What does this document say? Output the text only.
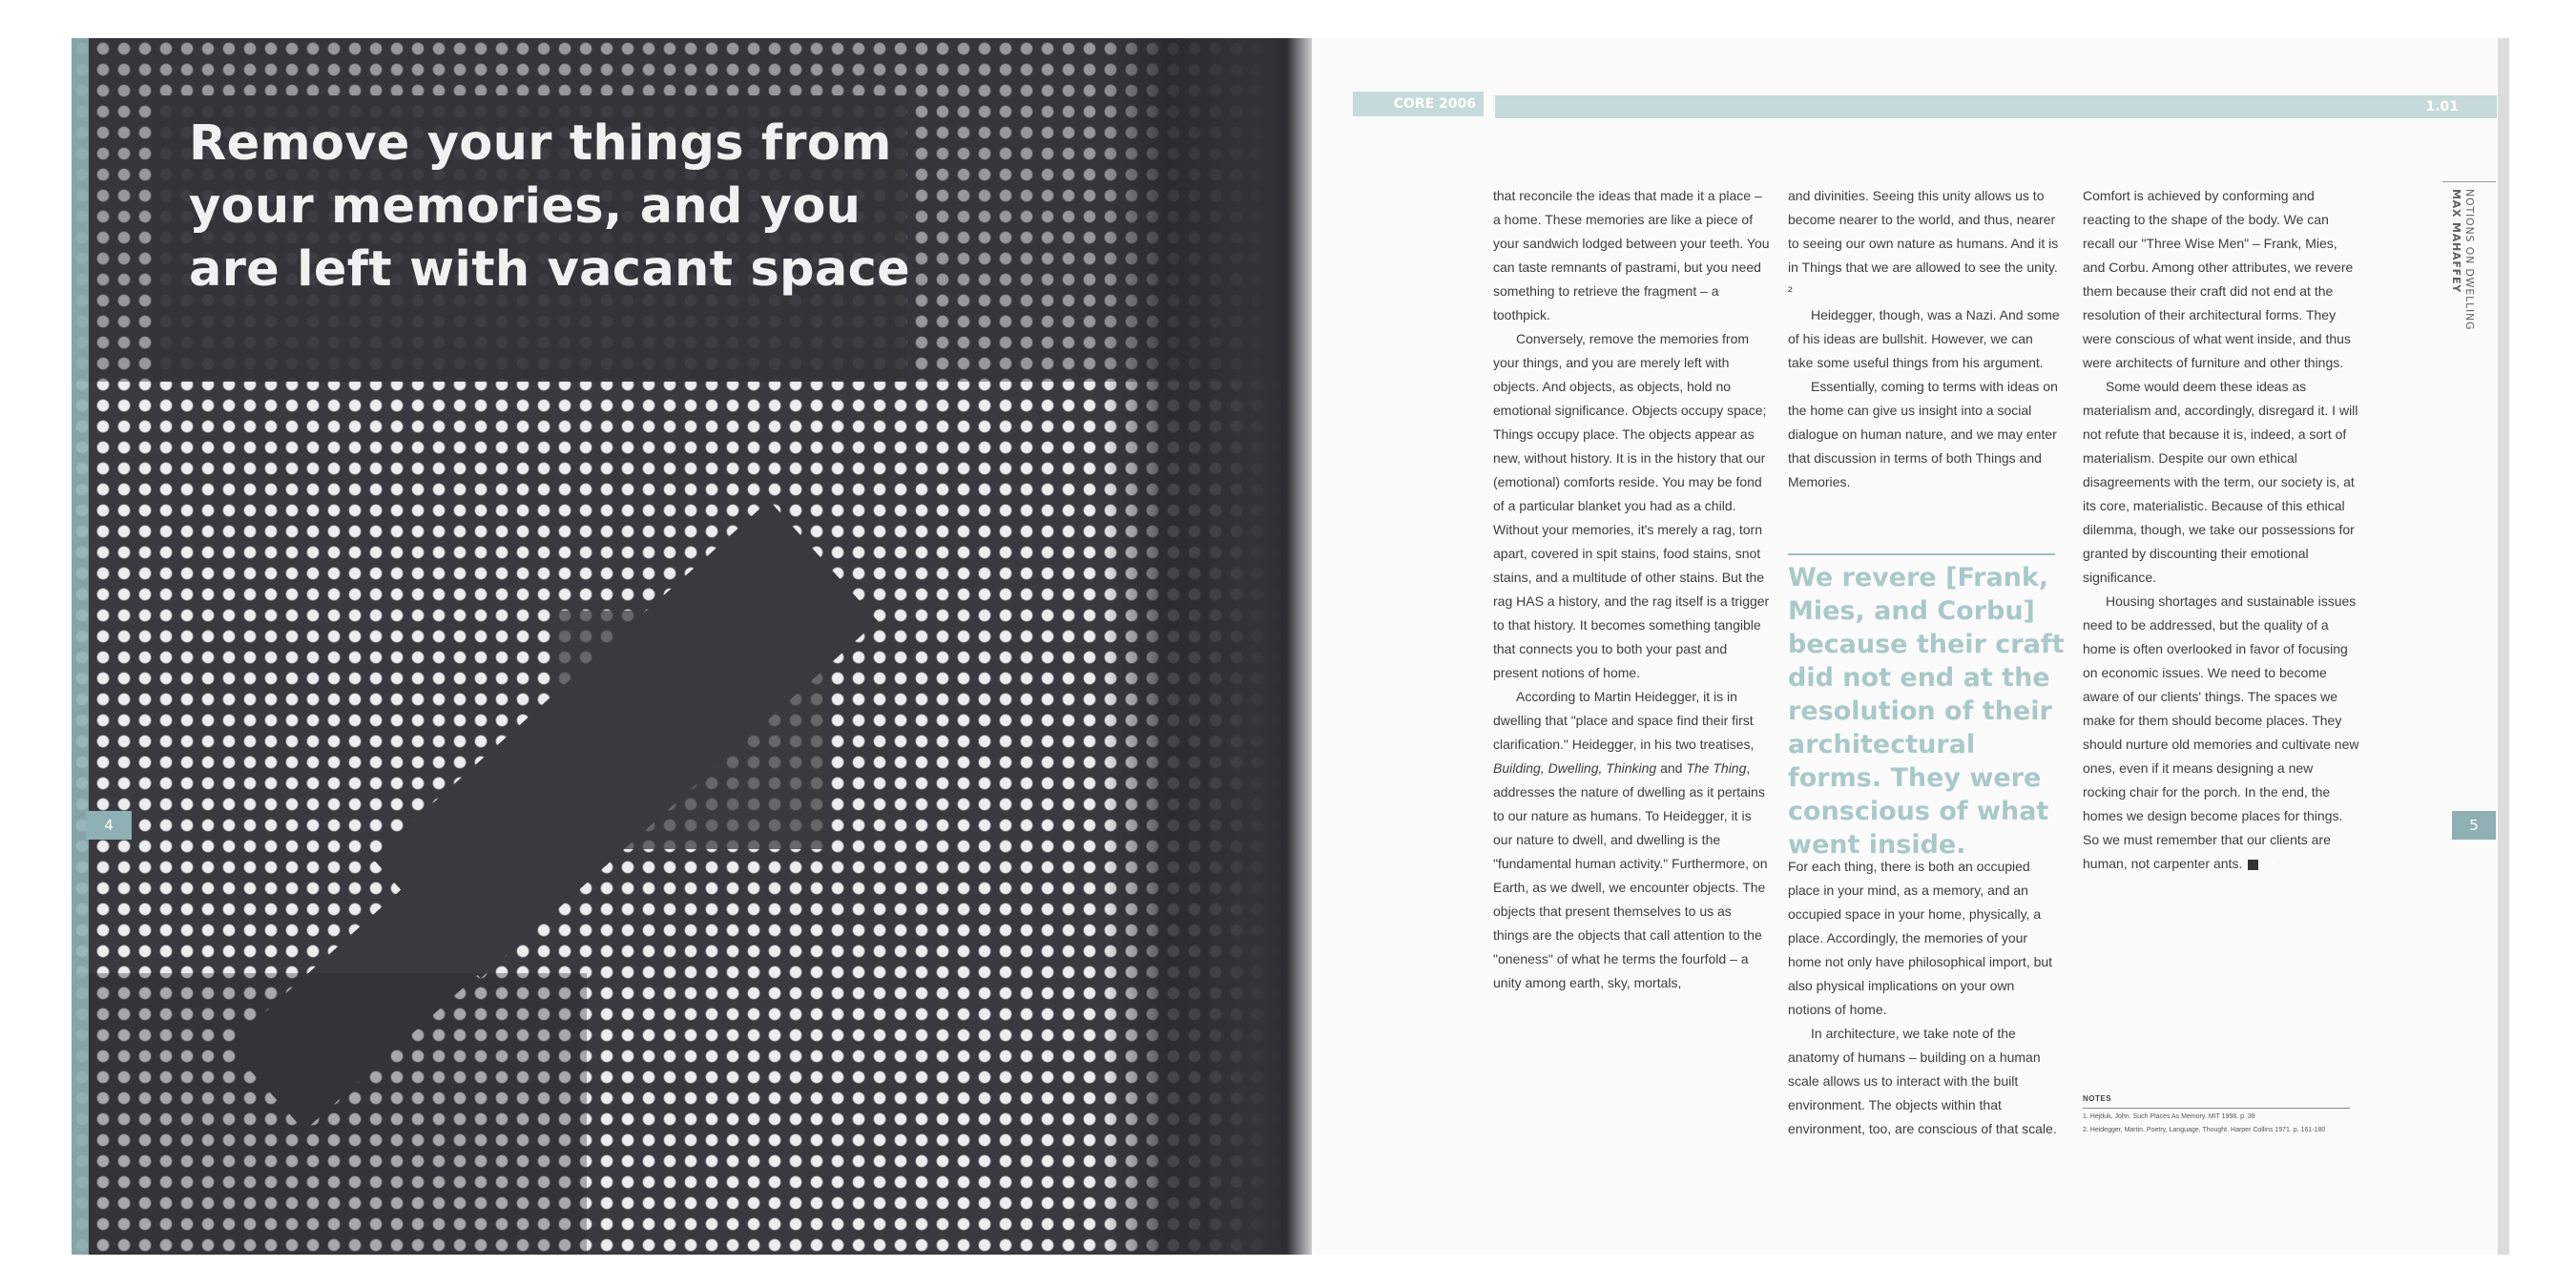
Remove your things from your memories, and you are left with vacant space
4
CORE 2006	1.01
NOTIONS ON DWELLING
MAX MAHAFFEY
5

that reconcile the ideas that made it a place – a home. These memories are like a piece of your sandwich lodged between your teeth. You can taste remnants of pastrami, but you need something to retrieve the fragment – a toothpick.

Conversely, remove the memories from your things, and you are merely left with objects. And objects, as objects, hold no emotional significance. Objects occupy space; Things occupy place. The objects appear as new, without history. It is in the history that our (emotional) comforts reside. You may be fond of a particular blanket you had as a child. Without your memories, it's merely a rag, torn apart, covered in spit stains, food stains, snot stains, and a multitude of other stains. But the rag HAS a history, and the rag itself is a trigger to that history. It becomes something tangible that connects you to both your past and present notions of home.

According to Martin Heidegger, it is in dwelling that "place and space find their first clarification." Heidegger, in his two treatises, Building, Dwelling, Thinking and The Thing, addresses the nature of dwelling as it pertains to our nature as humans. To Heidegger, it is our nature to dwell, and dwelling is the "fundamental human activity." Furthermore, on Earth, as we dwell, we encounter objects. The objects that present themselves to us as things are the objects that call attention to the "oneness" of what he terms the fourfold – a unity among earth, sky, mortals,

and divinities. Seeing this unity allows us to become nearer to the world, and thus, nearer to seeing our own nature as humans. And it is in Things that we are allowed to see the unity. ²

Heidegger, though, was a Nazi. And some of his ideas are bullshit. However, we can take some useful things from his argument.

Essentially, coming to terms with ideas on the home can give us insight into a social dialogue on human nature, and we may enter that discussion in terms of both Things and Memories.

We revere [Frank, Mies, and Corbu] because their craft did not end at the resolution of their architectural forms. They were conscious of what went inside.

For each thing, there is both an occupied place in your mind, as a memory, and an occupied space in your home, physically, a place. Accordingly, the memories of your home not only have philosophical import, but also physical implications on your own notions of home.

In architecture, we take note of the anatomy of humans – building on a human scale allows us to interact with the built environment. The objects within that environment, too, are conscious of that scale.

Comfort is achieved by conforming and reacting to the shape of the body. We can recall our "Three Wise Men" – Frank, Mies, and Corbu. Among other attributes, we revere them because their craft did not end at the resolution of their architectural forms. They were conscious of what went inside, and thus were architects of furniture and other things.

Some would deem these ideas as materialism and, accordingly, disregard it. I will not refute that because it is, indeed, a sort of materialism. Despite our own ethical disagreements with the term, our society is, at its core, materialistic. Because of this ethical dilemma, though, we take our possessions for granted by discounting their emotional significance.

Housing shortages and sustainable issues need to be addressed, but the quality of a home is often overlooked in favor of focusing on economic issues. We need to become aware of our clients' things. The spaces we make for them should become places. They should nurture old memories and cultivate new ones, even if it means designing a new rocking chair for the porch. In the end, the homes we design become places for things. So we must remember that our clients are human, not carpenter ants.	C

NOTES
1. Hejduk, John. Such Places As Memory. MIT 1998. p. 39
2. Heidegger, Martin. Poetry, Language, Thought. Harper Collins 1971. p. 161-180
